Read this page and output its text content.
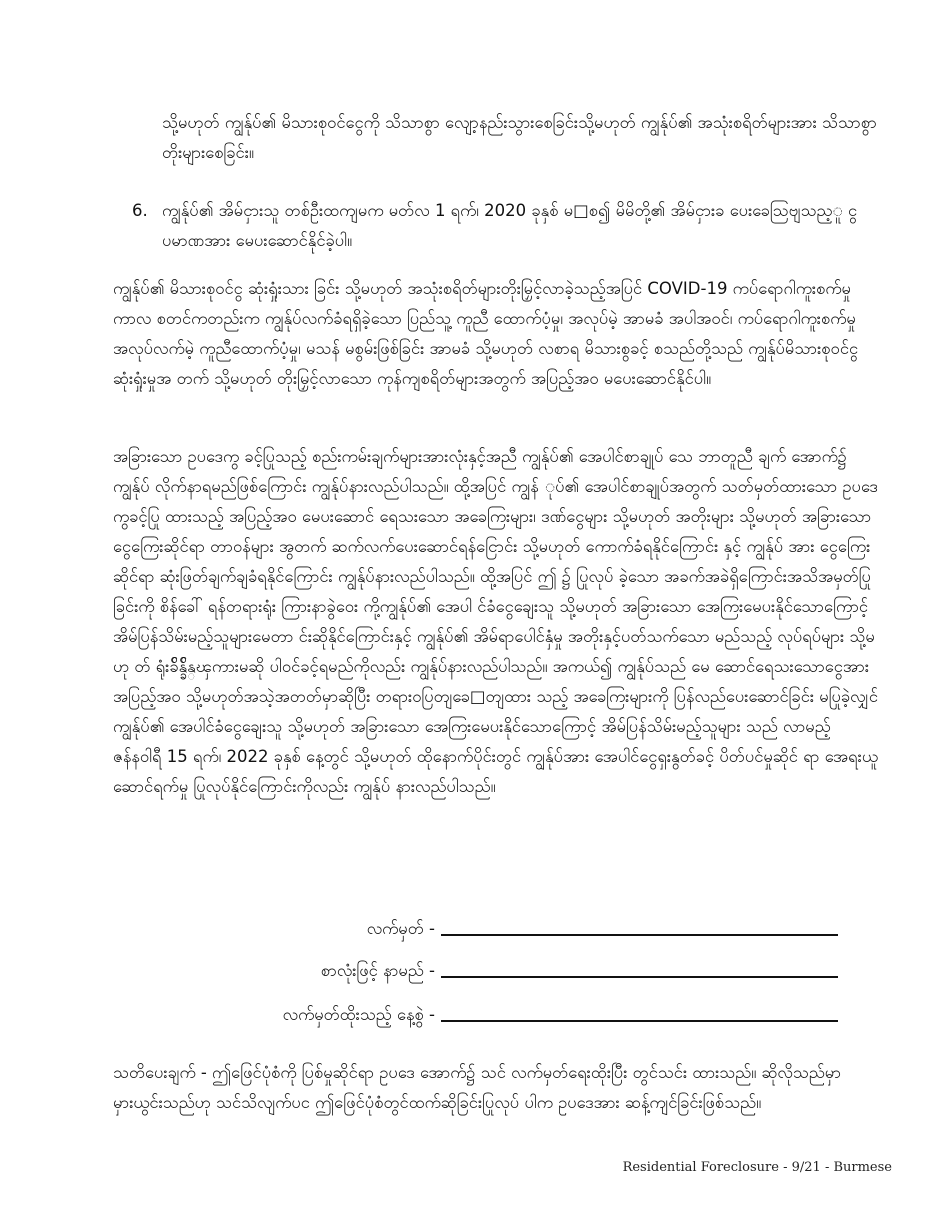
သို့မဟုတ် ကျွန်ုပ်၏ မိသားစုဝင်ငွေကို သိသာစွာ လျော့နည်းသွားစေခြင်းသို့မဟုတ် ကျွန်ုပ်၏ အသုံးစရိတ်များအား သိသာစွာ တိုးများစေခြင်း။

6. ကျွန်ုပ်၏ အိမ်ငှားသူ တစ်ဦးထကျမက မတ်လ 1 ရက်၊ 2020 ခုနှစ် မ□စ၍ မိမိတို့၏ အိမ်ငှားခ ပေးခေသြဗျသည့ူ ငွပမာဏအား မေပးဆောင်နိုင်ခဲ့ပါ။

ကျွန်ုပ်၏ မိသားစုဝင်ငွ ဆုံးရှုံးသား ခြင်း သို့မဟုတ် အသုံးစရိတ်များတိုးမြှင့်လာခဲ့သည့်အပြင် COVID-19 ကပ်ရောဂါကူးစက်မှုကာလ စတင်ကတည်းက ကျွန်ုပ်လက်ခံရရှိခဲ့သော ပြည်သူ့ ကူညီ ထောက်ပံ့မှု၊ အလုပ်မဲ့ အာမခံ အပါအဝင်၊ ကပ်ရောဂါကူးစက်မှု အလုပ်လက်မဲ့ ကူညီထောက်ပံ့မှု၊ မသန် မစွမ်းဖြစ်ခြင်း အာမခံ သို့မဟုတ် လစာရ မိသားစွခင့် စသည်တို့သည် ကျွန်ုပ်မိသားစုဝင်ငွ ဆုံးရှုံးမှုအ တက် သို့မဟုတ် တိုးမြှင့်လာသော ကုန်ကျစရိတ်များအတွက် အပြည့်အဝ မပေးဆောင်နိုင်ပါ။

အခြားသော ဥပဒေကွ ခင့်ပြုသည့် စည်းကမ်းချက်များအားလုံးနှင့်အညီ ကျွန်ုပ်၏ အေပါင်စာချုပ် သေ ဘာတူညီ ချက် အောက်၌ ကျွန်ုပ် လိုက်နာရမည်ဖြစ်ကြောင်း ကျွန်ုပ်နားလည်ပါသည်။ ထို့အပြင် ကျွန် ုပ်၏ အေပါင်စာချုပ်အတွက် သတ်မှတ်ထားသော ဥပဒေကွခင့်ပြု ထားသည့် အပြည့်အဝ မေပးဆောင် ရေသးသော အခေကြးများ၊ ဒဏ်ငွေများ သို့မဟုတ် အတိုးများ သို့မဟုတ် အခြားသော ငွေကြေးဆိုင်ရာ တာဝန်များ အွတက် ဆက်လက်ပေးဆောင်ရန်ငြောင်း သို့မဟုတ် ကောက်ခံရနိုင်ကြောင်း နှင့် ကျွန်ုပ် အား ငွေကြေးဆိုင်ရာ ဆုံးဖြတ်ချက်ချခံရနိုင်ကြောင်း ကျွန်ုပ်နားလည်ပါသည်။ ထို့အပြင် ဤ ၌ ပြုလုပ် ခဲ့သော အခက်အခဲရှိကြောင်းအသိအမှတ်ပြုခြင်းကို စိန်ခေါ် ရန်တရားရုံး ကြားနာခွဲဝေး ကို့ကျွန်ုပ်၏ အေပါ င်ခံငွေချေးသူ သို့မဟုတ် အခြားသော အေကြးမေပးနိုင်သောကြောင့် အိမ်ပြန်သိမ်းမည့်သူများမေတာ င်းဆိုနိုင်ကြောင်းနှင့် ကျွန်ုပ်၏ အိမ်ရာပေါင်နှံမှု အတိုးနှင့်ပတ်သက်သော မည်သည့် လုပ်ရပ်များ သို့မဟု တ် ရုံးခ်ိန္ခ်ိန္ၾကားမဆို ပါဝင်ခင့်ရမည်ကိုလည်း ကျွန်ုပ်နားလည်ပါသည်။ အကယ်၍ ကျွန်ုပ်သည် မေ ဆောင်ရေသးသောငွေအား အပြည့်အဝ သို့မဟုတ်အသဲ့အတတ်မှာဆိုပြီး တရားဝပြတျခေ□တျထား သည့် အခေကြးများကို ပြန်လည်ပေးဆောင်ခြင်း မပြုခဲ့လျှင် ကျွန်ုပ်၏ အေပါင်ခံငွေချေးသူ သို့မဟုတ် အခြားသော အေကြးမေပးနိုင်သောကြောင့် အိမ်ပြန်သိမ်းမည့်သူများ သည် လာမည့် ဇန်နဝါရီ 15 ရက်၊ 2022 ခုနှစ် နေ့တွင် သို့မဟုတ် ထိုနောက်ပိုင်းတွင် ကျွန်ုပ်အား အေပါင်ငွေရှးနွတ်ခင့် ပိတ်ပင်မှုဆိုင် ရာ အေရးယူ ဆောင်ရက်မှု ပြုလုပ်နိုင်ကြောင်းကိုလည်း ကျွန်ုပ် နားလည်ပါသည်။

လက်မှတ် -
စာလုံးဖြင့် နာမည် -
လက်မှတ်ထိုးသည့် နေ့စွဲ -

သတိပေးချက် - ဤဖြေင်ပုံစံကို ပြစ်မှုဆိုင်ရာ ဥပဒေ အောက်၌ သင် လက်မှတ်ရေးထိုးပြီး တွင်သင်း ထားသည်။ ဆိုလိုသည်မှာ မှားယွင်းသည်ဟု သင်သိလျက်ပင ဤဖြေင်ပုံစံတွင်ထက်ဆိုခြင်းပြုလုပ် ပါက ဥပဒေအား ဆန့်ကျင်ခြင်းဖြစ်သည်။

Residential Foreclosure - 9/21 - Burmese
